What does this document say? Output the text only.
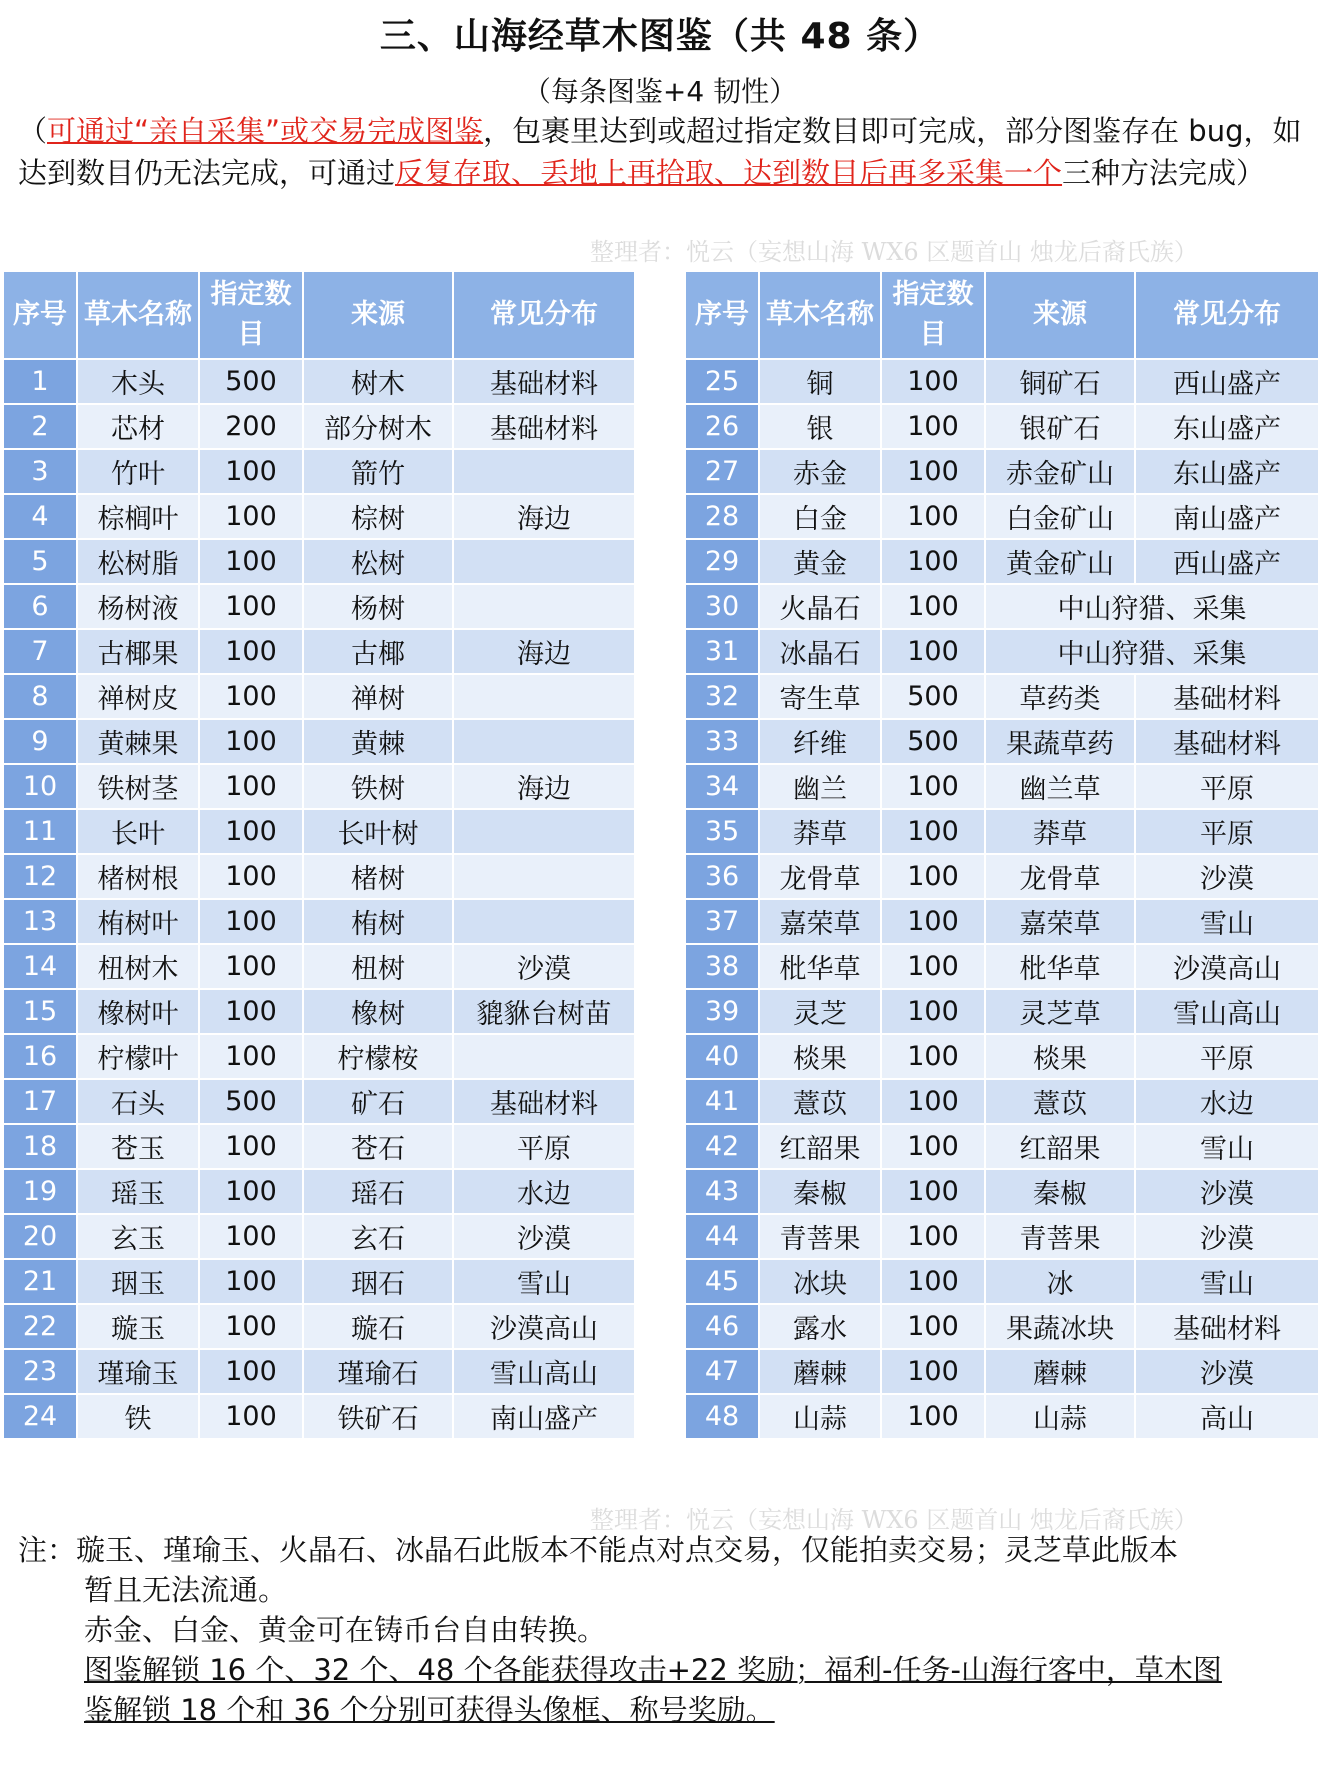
三、山海经草木图鉴（共 48 条）
（每条图鉴+4 韧性）
（可通过“亲自采集”或交易完成图鉴，包裹里达到或超过指定数目即可完成，部分图鉴存在 bug，如达到数目仍无法完成，可通过反复存取、丢地上再拾取、达到数目后再多采集一个三种方法完成）
整理者：悦云（妄想山海 WX6 区题首山 烛龙后裔氏族）
序号	草木名称	指定数目	来源	常见分布
1	木头	500	树木	基础材料
2	芯材	200	部分树木	基础材料
3	竹叶	100	箭竹	
4	棕榈叶	100	棕树	海边
5	松树脂	100	松树	
6	杨树液	100	杨树	
7	古椰果	100	古椰	海边
8	禅树皮	100	禅树	
9	黄棘果	100	黄棘	
10	铁树茎	100	铁树	海边
11	长叶	100	长叶树	
12	楮树根	100	楮树	
13	栯树叶	100	栯树	
14	杻树木	100	杻树	沙漠
15	橡树叶	100	橡树	貔貅台树苗
16	柠檬叶	100	柠檬桉	
17	石头	500	矿石	基础材料
18	苍玉	100	苍石	平原
19	瑶玉	100	瑶石	水边
20	玄玉	100	玄石	沙漠
21	珚玉	100	珚石	雪山
22	璇玉	100	璇石	沙漠高山
23	瑾瑜玉	100	瑾瑜石	雪山高山
24	铁	100	铁矿石	南山盛产
序号	草木名称	指定数目	来源	常见分布
25	铜	100	铜矿石	西山盛产
26	银	100	银矿石	东山盛产
27	赤金	100	赤金矿山	东山盛产
28	白金	100	白金矿山	南山盛产
29	黄金	100	黄金矿山	西山盛产
30	火晶石	100	中山狩猎、采集	
31	冰晶石	100	中山狩猎、采集	
32	寄生草	500	草药类	基础材料
33	纤维	500	果蔬草药	基础材料
34	幽兰	100	幽兰草	平原
35	莽草	100	莽草	平原
36	龙骨草	100	龙骨草	沙漠
37	嘉荣草	100	嘉荣草	雪山
38	枇华草	100	枇华草	沙漠高山
39	灵芝	100	灵芝草	雪山高山
40	棪果	100	棪果	平原
41	薏苡	100	薏苡	水边
42	红韶果	100	红韶果	雪山
43	秦椒	100	秦椒	沙漠
44	青菩果	100	青菩果	沙漠
45	冰块	100	冰	雪山
46	露水	100	果蔬冰块	基础材料
47	蘑棘	100	蘑棘	沙漠
48	山蒜	100	山蒜	高山
整理者：悦云（妄想山海 WX6 区题首山 烛龙后裔氏族）
注：璇玉、瑾瑜玉、火晶石、冰晶石此版本不能点对点交易，仅能拍卖交易；灵芝草此版本
暂且无法流通。
赤金、白金、黄金可在铸币台自由转换。
图鉴解锁 16 个、32 个、48 个各能获得攻击+22 奖励；福利-任务-山海行客中，草木图
鉴解锁 18 个和 36 个分别可获得头像框、称号奖励。
